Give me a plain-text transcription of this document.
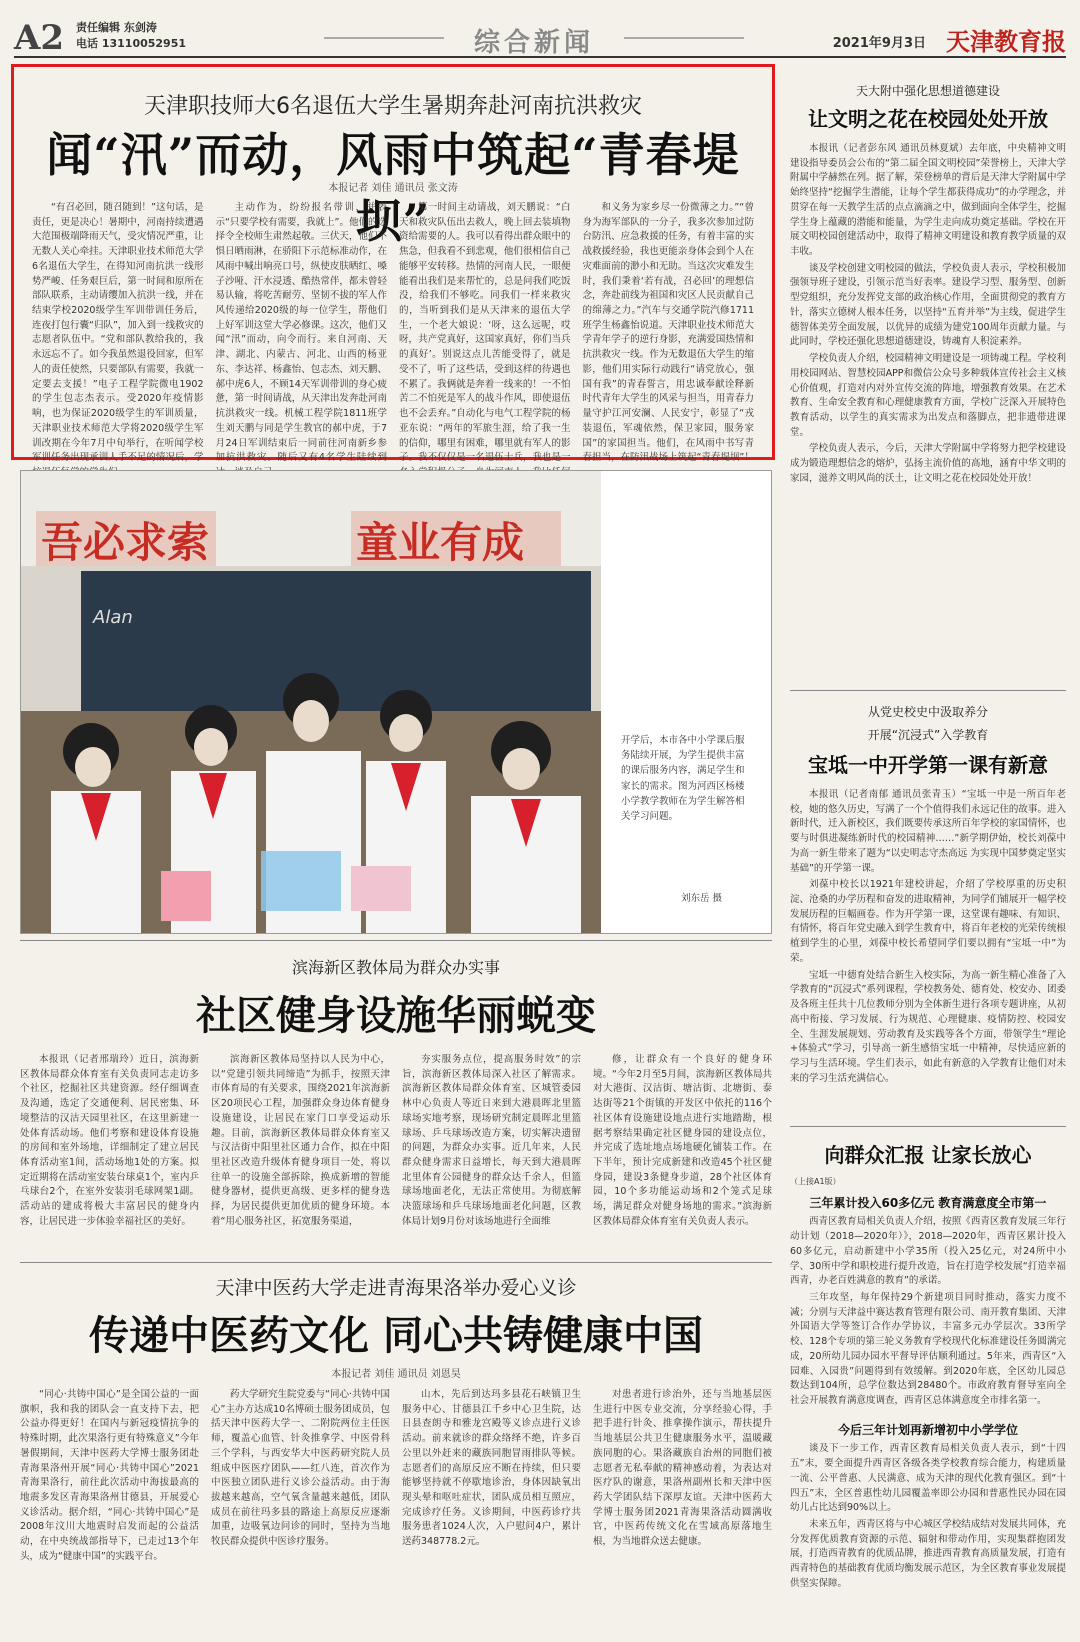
A2 责任编辑 东剑涛
电话 13110052951	综合新闻	2021年9月3日 天津教育报
天津职技师大6名退伍大学生暑期奔赴河南抗洪救灾
闻“汛”而动，风雨中筑起“青春堤坝”
本报记者 刘佳 通讯员 张文涛

“有召必回，随召随到！”这句话，是责任，更是决心！暑期中，河南持续遭遇大范围极端降雨天气，受灾情况严重，让无数人关心牵挂。天津职业技术师范大学6名退伍大学生，在得知河南抗洪一线形势严峻、任务艰巨后，第一时间和原所在部队联系，主动请缨加入抗洪一线，并在结束学校2020级学生军训带训任务后，连夜打包行囊“归队”，加入到一线救灾的志愿者队伍中。“党和部队教给我的，我永远忘不了。如今我虽然退役回家，但军人的责任使然，只要部队有需要，我就一定要去支援！”电子工程学院微电1902的学生包志杰表示。受2020年疫情影响，也为保证2020级学生的军训质量，天津职业技术师范大学将2020级学生军训改期在今年7月中旬举行，在听闻学校军训任务出现承训人手不足的情况后，学

主动作为，纷纷报名带训，并表示“只要学校有需要，我就上”。他们的选择令全校师生肃然起敬。三伏天，他们不惧日晒雨淋，在骄阳下示范标准动作，在风雨中喊出响亮口号，纵使皮肤晒红、嗓子沙哑、汗水浸透、酷热常伴，都未曾轻易认输，将吃苦耐劳、坚韧不拔的军人作风传递给2020级的每一位学生，帮他们上好军训这堂大学必修课。这次，他们又闻“汛”而动，向令而行。来自河南、天津、湖北、内蒙古、河北、山西的杨亚东、李达祥、杨鑫怡、包志杰、刘天鹏、郝中虎6人，不顾14天军训带训的身心疲惫，第一时间请战，从天津出发奔赴河南抗洪救灾一线。机械工程学院1811班学生刘天鹏与同是学生教官的郝中虎，于7月24日军训结束后一同前往河南新乡参加抗洪救灾。随后又有4名学生陆续到

第一时间主动请战，刘天鹏说：“白天和救灾队伍出去救人，晚上回去装填物资给需要的人。我可以看得出群众眼中的焦急，但我看不到悲观，他们很相信自己能够平安转移。热情的河南人民，一眼便能看出我们是来帮忙的，总是问我们吃饭没，给我们不够吃。同我们一样来救灾的，当听到我们是从天津来的退伍大学生，一个老大娘说：‘呀，这么远呢，哎呀，共产党真好，这国家真好，你们当兵的真好’。别说这点儿苦能受得了，就是受不了，听了这些话，受到这样的待遇也不累了。我俩就是奔着一线来的！一不怕苦二不怕死是军人的战斗作风，即使退伍也不会丢弃。”自动化与电气工程学院的杨亚东说：“两年的军旅生涯，给了我一生的信仰，哪里有困难，哪里就有军人的影子。我不仅仅是一名退伍士兵，我也是一

和义务为家乡尽一份微薄之力。”“曾身为海军部队的一分子，我多次参加过防台防汛、应急救援的任务，有着丰富的实战救援经验，我也更能亲身体会到个人在灾难面前的渺小和无助。当这次灾难发生时，我们秉着‘若有战，召必回’的理想信念，奔赴前线为祖国和灾区人民贡献自己的绵薄之力。”汽车与交通学院汽修1711班学生杨鑫怡说道。天津职业技术师范大学青年学子的逆行身影，充满爱国热情和抗洪救灾一线。作为无数退伍大学生的缩影，他们用实际行动践行“请党放心，强国有我”的青春誓言，用忠诚奉献诠释新时代青年大学生的风采与担当，用青春力量守护江河安澜、人民安宁，彰显了“戎装退伍，军魂依然，保卫家园，服务家国”的家国担当。他们，在风雨中书写青春担当，在防汛战场上筑起“青春堤坝”！

吾必求索	童业有成
Alan
开学后，本市各中小学课后服务陆续开展，为学生提供丰富的课后服务内容，满足学生和家长的需求。图为河西区杨楼小学教学教师在为学生解答相关学习问题。
刘东岳 摄
滨海新区教体局为群众办实事
社区健身设施华丽蜕变

本报讯（记者邢瑞玲）近日，滨海新区教体局群众体育室有关负责同志走访多个社区，挖掘社区共建资源。经仔细调查及沟通，选定了交通便利、居民密集、环境整洁的汉沽天园里社区，在这里新建一处体育活动场。他们考察和建设体育设施的房间和室外场地，详细制定了建立居民体育活动室1间，活动场地1处的方案。拟定近期将在活动室安装台球桌1个，室内乒乓球台2个，在室外安装羽毛球网架1副。活动站的建成将极大丰富居民的健身内容，让居民进一步体验幸福社区的美好。

滨海新区教体局坚持以人民为中心，以“党建引领共同缔造”为抓手，按照天津市体育局的有关要求，围绕2021年滨海新区20项民心工程，加强群众身边体育健身设施建设，让居民在家门口享受运动乐趣。目前，滨海新区教体局群众体育室又与汉沽街中阳里社区通力合作，拟在中阳里社区改造升级体育健身项目一处，将以往单一的设施全部拆除，换成新增的智能健身器材，提供更高级、更多样的健身选择，为居民提供更加优质的健身环境。本着“用心服务社区，拓宽服务渠道，

夯实服务点位，提高服务时效”的宗旨，滨海新区教体局深入社区了解需求。滨海新区教体局群众体育室、区城管委园林中心负责人等近日来到大港晨晖北里篮球场实地考察，现场研究制定晨晖北里篮球场、乒乓球场改造方案，切实解决遗留的问题，为群众办实事。近几年来，人民群众健身需求日益增长，每天到大港晨晖北里体育公园健身的群众达千余人，但篮球场地面老化，无法正常使用。为彻底解决篮球场和乒乓球场地面老化问题，区教体局计划9月份对该场地进行全面维

修，让群众有一个良好的健身环境。“今年2月至5月间，滨海新区教体局共对大港街、汉沽街、塘沽街、北塘街、泰达街等21个街镇的开发区中依托的116个社区体育设施建设地点进行实地踏勘，根据考察结果确定社区健身园的建设点位，并完成了选址地点场地硬化铺装工作。在下半年，预计完成新建和改造45个社区健身园，建设3条健身步道，28个社区体育园，10个多功能运动场和2个笼式足球场，满足群众对健身场地的需求。”滨海新区教体局群众体育室有关负责人表示。

天津中医药大学走进青海果洛举办爱心义诊
传递中医药文化 同心共铸健康中国
本报记者 刘佳 通讯员 刘恩昊

“同心·共铸中国心”是全国公益的一面旗帜，我和我的团队会一直支持下去，把公益办得更好！在国内与新冠疫情抗争的特殊时期，此次果洛行更有特殊意义”今年暑假期间，天津中医药大学博士服务团赴青海果洛州开展“同心·共铸中国心”2021青海果洛行，前往此次活动中海拔最高的地震多发区青海果洛州甘德县，开展爱心义诊活动。据介绍，“同心·共铸中国心”是2008年汶川大地震时启发而起的公益活动，在中央统战部指导下，已走过13个年头，成为“健康中国”的实践平台。

药大学研究生院党委与“同心·共铸中国心”主办方达成10名博硕士服务团成员，包括天津中医药大学一、二附院两位主任医师，覆盖心血管、针灸推拿学、中医骨科三个学科，与西安华大中医药研究院人员组成中医医疗团队——红八连，首次作为中医独立团队进行义诊公益活动。由于海拔越来越高，空气氧含量越来越低，团队成员在前往玛多县的路途上高原反应逐渐加重，边吸氧边问诊的同时，坚持为当地牧民群众提供中医诊疗服务。

山木，先后到达玛多县花石峡镇卫生服务中心、甘德县江千乡中心卫生院，达日县查朗寺和雅龙宫殿等义诊点进行义诊活动。前来就诊的群众络绎不绝，许多百公里以外赶来的藏族同胞冒雨排队等候。志愿者们的高原反应不断在持续，但只要能够坚持就不停歇地诊治，身体因缺氧出现头晕和呕吐症状，团队成员相互照应，完成诊疗任务。义诊期间，中医药诊疗共服务患者1024人次，入户慰问4户，累计送药348778.2元。

对患者进行诊治外，还与当地基层医生进行中医专业交流，分享经验心得，手把手进行针灸、推拿操作演示，帮扶提升当地基层公共卫生健康服务水平，温暖藏族同胞的心。果洛藏族自治州的同胞们被志愿者无私奉献的精神感动着，为表达对医疗队的谢意，果洛州副州长和天津中医药大学团队结下深厚友谊。天津中医药大学博士服务团2021青海果洛活动圆满收官，中医药传统文化在雪域高原落地生根，为当地群众送去健康。

天大附中强化思想道德建设
让文明之花在校园处处开放

本报讯（记者彭东风 通讯员林夏斌）去年底，中央精神文明建设指导委员会公布的“第二届全国文明校园”荣誉榜上，天津大学附属中学赫然在列。据了解，荣登榜单的背后是天津大学附属中学始终坚持“挖掘学生潜能，让每个学生都获得成功”的办学理念，并贯穿在每一天教学生活的点点滴滴之中，做到面向全体学生，挖掘学生身上蕴藏的潜能和能量，为学生走向成功奠定基础。学校在开展文明校园创建活动中，取得了精神文明建设和教育教学质量的双丰收。

谈及学校创建文明校园的做法，学校负责人表示，学校积极加强领导班子建设，引领示范当好表率。建设学习型、服务型、创新型党组织，充分发挥党支部的政治核心作用，全面贯彻党的教育方针，落实立德树人根本任务，以坚持“五育并举”为主线，促进学生德智体美劳全面发展，以优异的成绩为建党100周年贡献力量。与此同时，学校还强化思想道德建设，铸魂育人积淀素养。

学校负责人介绍，校园精神文明建设是一项铸魂工程。学校利用校园网站、智慧校园APP和微信公众号多种载体宣传社会主义核心价值观，打造对内对外宣传交流的阵地，增强教育效果。在艺术教育、生命安全教育和心理健康教育方面，学校广泛深入开展特色教育活动，以学生的真实需求为出发点和落脚点，把非遗带进课堂。

学校负责人表示，今后，天津大学附属中学将努力把学校建设成为锻造理想信念的熔炉，弘扬主流价值的高地，涵育中华文明的家园，滋养文明风尚的沃土，让文明之花在校园处处开放！

从党史校史中汲取养分
开展“沉浸式”入学教育
宝坻一中开学第一课有新意

本报讯（记者南郁 通讯员张青玉）“宝坻一中是一所百年老校，她的悠久历史，写满了一个个值得我们永远记住的故事。进入新时代，迁入新校区，我们既要传承这所百年学校的家国情怀，也要与时俱进凝练新时代的校园精神……”新学期伊始，校长刘葆中为高一新生带来了题为“以史明志守杰高远 为实现中国梦奠定坚实基础”的开学第一课。

刘葆中校长以1921年建校讲起，介绍了学校厚重的历史积淀、沧桑的办学历程和奋发的进取精神，为同学们铺展开一幅学校发展历程的巨幅画卷。作为开学第一课，这堂课有趣味、有知识、有情怀，将百年党史融入到学生教育中，将百年老校的光荣传统根植到学生的心里，刘葆中校长希望同学们要以拥有“宝坻一中”为荣。

宝坻一中德育处结合新生入校实际，为高一新生精心准备了入学教育的“沉浸式”系列课程，学校教务处、德育处、校安办、团委及各班主任共十几位教师分别为全体新生进行各项专题讲座，从初高中衔接、学习发展、行为规范、心理健康、疫情防控、校园安全、生涯发展规划、劳动教育及实践等各个方面，带领学生“理论+体验式”学习，引导高一新生感悟宝坻一中精神，尽快适应新的学习与生活环境。学生们表示，如此有新意的入学教育让他们对未来的学习生活充满信心。

向群众汇报 让家长放心
（上接A1版）
三年累计投入60多亿元 教育满意度全市第一

西青区教育局相关负责人介绍，按照《西青区教育发展三年行动计划（2018—2020年）》，2018—2020年，西青区累计投入60多亿元，启动新建中小学35所（投入25亿元，对24所中小学、30所中学和职校进行提升改造，旨在打造学校发展“打造幸福西青，办老百姓满意的教育”的承诺。

三年攻坚，每年保持29个新建项目同时推动，落实力度不减；分别与天津益中赛达教育管理有限公司、南开教育集团、天津外国语大学等签订合作办学协议，丰富多元办学层次。33所学校、128个专项的第三轮义务教育学校现代化标准建设任务圆满完成，20所幼儿园办园水平督导评估顺利通过。5年来，西青区“入园难、入园贵”问题得到有效缓解。到2020年底，全区幼儿园总数达到104所，总学位数达到28480个。市政府教育督导室向全社会开展教育满意度调查，西青区总体满意度全市排名第一。

今后三年计划再新增初中小学学位

谈及下一步工作，西青区教育局相关负责人表示，到“十四五”末，要全面提升西青区各级各类学校教育综合能力，构建质量一流、公平普惠、人民满意、成为天津的现代化教育强区。到“十四五”末，全区普惠性幼儿园覆盖率即公办园和普惠性民办园在园幼儿占比达到90%以上。

未来五年，西青区将与中心城区学校结成结对发展共同体，充分发挥优质教育资源的示范、辐射和带动作用，实现集群抱团发展，打造西青教育的优质品牌，推进西青教育高质量发展，打造有西青特色的基础教育优质均衡发展示范区，为全区教育事业发展提供坚实保障。
